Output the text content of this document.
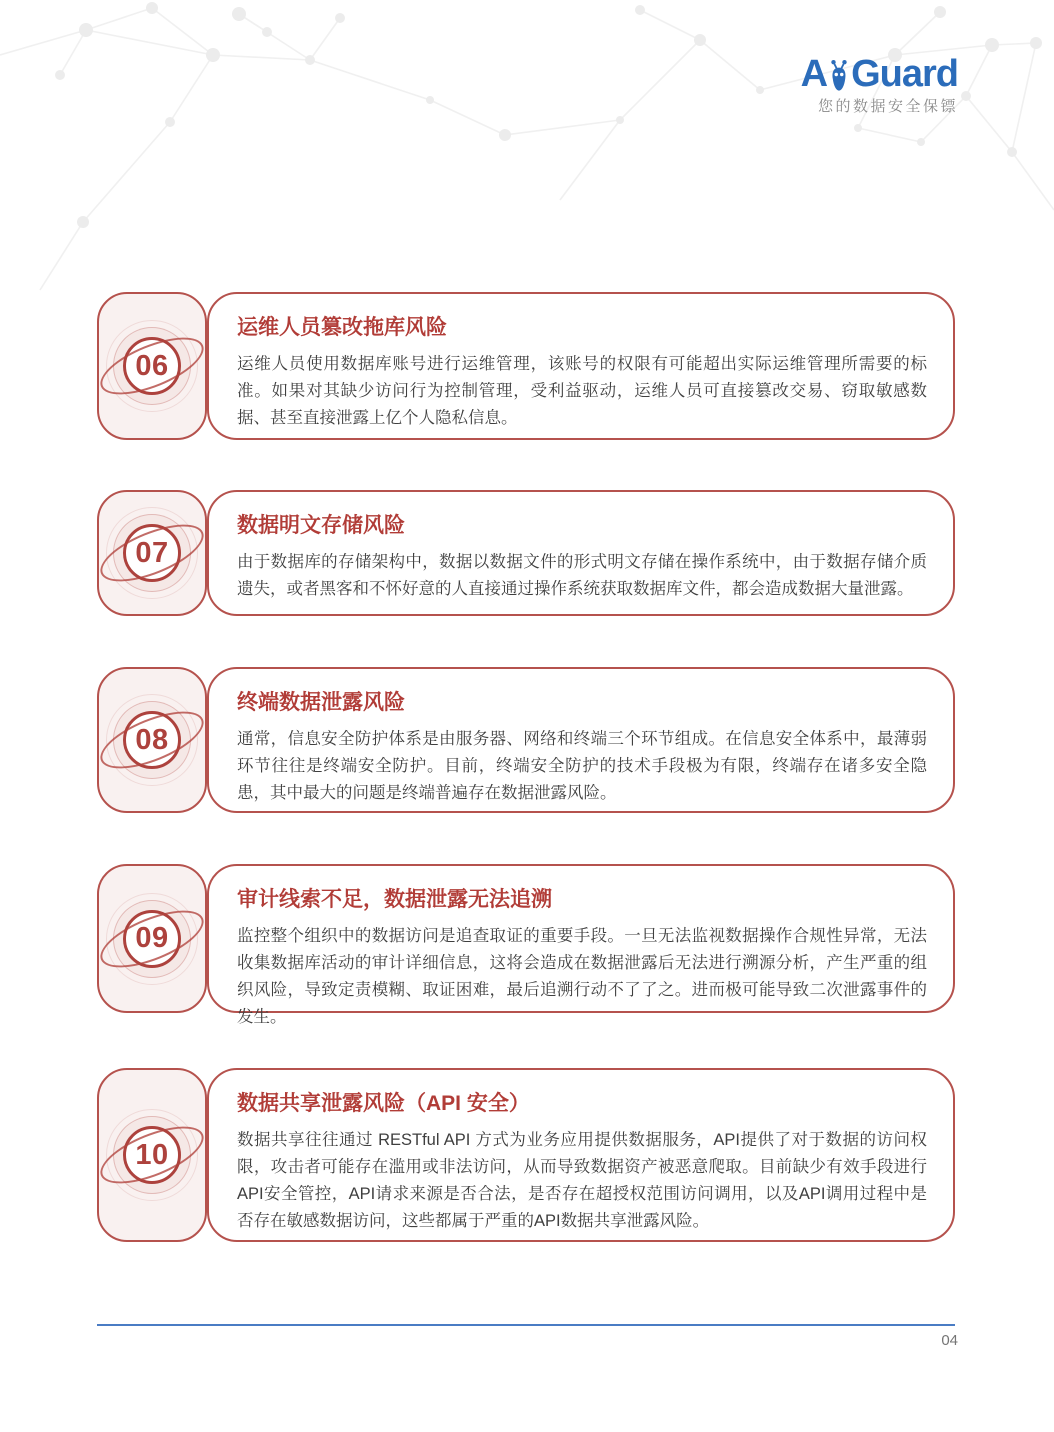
A Guard
您的数据安全保镖
06
运维人员篡改拖库风险

运维人员使用数据库账号进行运维管理，该账号的权限有可能超出实际运维管理所需要的标准。如果对其缺少访问行为控制管理，受利益驱动，运维人员可直接篡改交易、窃取敏感数据、甚至直接泄露上亿个人隐私信息。

07
数据明文存储风险

由于数据库的存储架构中，数据以数据文件的形式明文存储在操作系统中，由于数据存储介质遗失，或者黑客和不怀好意的人直接通过操作系统获取数据库文件，都会造成数据大量泄露。

08
终端数据泄露风险

通常，信息安全防护体系是由服务器、网络和终端三个环节组成。在信息安全体系中，最薄弱环节往往是终端安全防护。目前，终端安全防护的技术手段极为有限，终端存在诸多安全隐患，其中最大的问题是终端普遍存在数据泄露风险。

09
审计线索不足，数据泄露无法追溯

监控整个组织中的数据访问是追查取证的重要手段。一旦无法监视数据操作合规性异常，无法收集数据库活动的审计详细信息，这将会造成在数据泄露后无法进行溯源分析，产生严重的组织风险，导致定责模糊、取证困难，最后追溯行动不了了之。进而极可能导致二次泄露事件的发生。

10
数据共享泄露风险（API 安全）

数据共享往往通过 RESTful API 方式为业务应用提供数据服务，API提供了对于数据的访问权限，攻击者可能存在滥用或非法访问，从而导致数据资产被恶意爬取。目前缺少有效手段进行API安全管控，API请求来源是否合法，是否存在超授权范围访问调用，以及API调用过程中是否存在敏感数据访问，这些都属于严重的API数据共享泄露风险。

04
